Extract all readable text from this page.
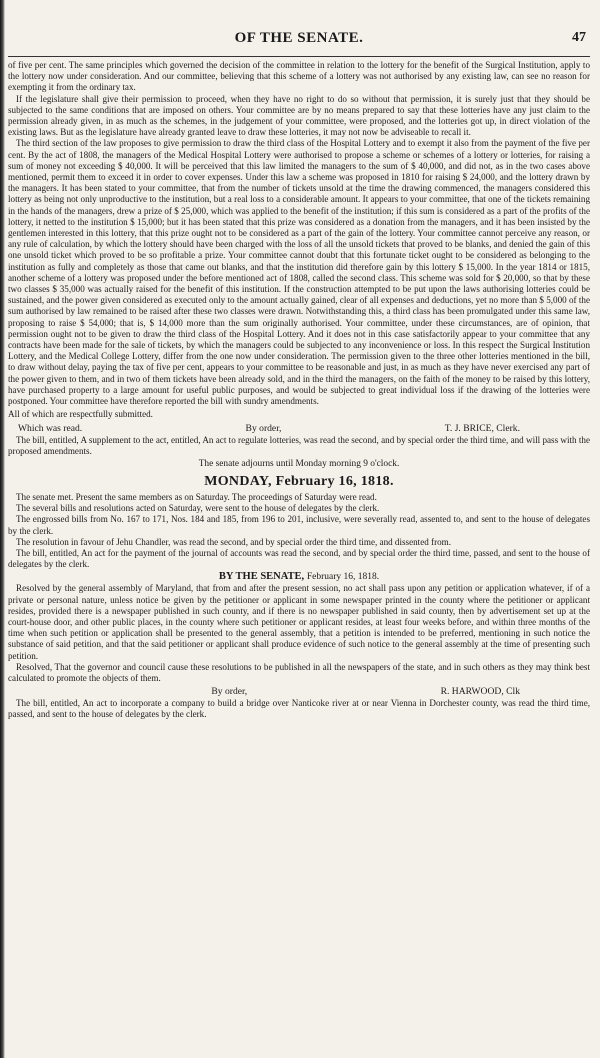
OF THE SENATE.	47

of five per cent. The same principles which governed the decision of the committee in relation to the lottery for the benefit of the Surgical Institution, apply to the lottery now under consideration. And our committee, believing that this scheme of a lottery was not authorised by any existing law, can see no reason for exempting it from the ordinary tax.

If the legislature shall give their permission to proceed, when they have no right to do so without that permission, it is surely just that they should be subjected to the same conditions that are imposed on others. Your committee are by no means prepared to say that these lotteries have any just claim to the permission already given, in as much as the schemes, in the judgement of your committee, were proposed, and the lotteries got up, in direct violation of the existing laws. But as the legislature have already granted leave to draw these lotteries, it may not now be adviseable to recall it.

The third section of the law proposes to give permission to draw the third class of the Hospital Lottery and to exempt it also from the payment of the five per cent. By the act of 1808, the managers of the Medical Hospital Lottery were authorised to propose a scheme or schemes of a lottery or lotteries, for raising a sum of money not exceeding $ 40,000. It will be perceived that this law limited the managers to the sum of $ 40,000, and did not, as in the two cases above mentioned, permit them to exceed it in order to cover expenses. Under this law a scheme was proposed in 1810 for raising $ 24,000, and the lottery drawn by the managers. It has been stated to your committee, that from the number of tickets unsold at the time the drawing commenced, the managers considered this lottery as being not only unproductive to the institution, but a real loss to a considerable amount. It appears to your committee, that one of the tickets remaining in the hands of the managers, drew a prize of $ 25,000, which was applied to the benefit of the institution; if this sum is considered as a part of the profits of the lottery, it netted to the institution $ 15,000; but it has been stated that this prize was considered as a donation from the managers, and it has been insisted by the gentlemen interested in this lottery, that this prize ought not to be considered as a part of the gain of the lottery. Your committee cannot perceive any reason, or any rule of calculation, by which the lottery should have been charged with the loss of all the unsold tickets that proved to be blanks, and denied the gain of this one unsold ticket which proved to be so profitable a prize. Your committee cannot doubt that this fortunate ticket ought to be considered as belonging to the institution as fully and completely as those that came out blanks, and that the institution did therefore gain by this lottery $ 15,000. In the year 1814 or 1815, another scheme of a lottery was proposed under the before mentioned act of 1808, called the second class. This scheme was sold for $ 20,000, so that by these two classes $ 35,000 was actually raised for the benefit of this institution. If the construction attempted to be put upon the laws authorising lotteries could be sustained, and the power given considered as executed only to the amount actually gained, clear of all expenses and deductions, yet no more than $ 5,000 of the sum authorised by law remained to be raised after these two classes were drawn. Notwithstanding this, a third class has been promulgated under this same law, proposing to raise $ 54,000; that is, $ 14,000 more than the sum originally authorised. Your committee, under these circumstances, are of opinion, that permission ought not to be given to draw the third class of the Hospital Lottery. And it does not in this case satisfactorily appear to your committee that any contracts have been made for the sale of tickets, by which the managers could be subjected to any inconvenience or loss. In this respect the Surgical Institution Lottery, and the Medical College Lottery, differ from the one now under consideration. The permission given to the three other lotteries mentioned in the bill, to draw without delay, paying the tax of five per cent, appears to your committee to be reasonable and just, in as much as they have never exercised any part of the power given to them, and in two of them tickets have been already sold, and in the third the managers, on the faith of the money to be raised by this lottery, have purchased property to a large amount for useful public purposes, and would be subjected to great individual loss if the drawing of the lotteries were postponed. Your committee have therefore reported the bill with sundry amendments.

All of which are respectfully submitted.

Which was read.	By order,	T. J. BRICE, Clerk.

The bill, entitled, A supplement to the act, entitled, An act to regulate lotteries, was read the second, and by special order the third time, and will pass with the proposed amendments.

The senate adjourns until Monday morning 9 o'clock.
MONDAY, February 16, 1818.

The senate met. Present the same members as on Saturday. The proceedings of Saturday were read.

The several bills and resolutions acted on Saturday, were sent to the house of delegates by the clerk.

The engrossed bills from No. 167 to 171, Nos. 184 and 185, from 196 to 201, inclusive, were severally read, assented to, and sent to the house of delegates by the clerk.

The resolution in favour of Jehu Chandler, was read the second, and by special order the third time, and dissented from.

The bill, entitled, An act for the payment of the journal of accounts was read the second, and by special order the third time, passed, and sent to the house of delegates by the clerk.

BY THE SENATE, February 16, 1818.

Resolved by the general assembly of Maryland, that from and after the present session, no act shall pass upon any petition or application whatever, if of a private or personal nature, unless notice be given by the petitioner or applicant in some newspaper printed in the county where the petitioner or applicant resides, provided there is a newspaper published in such county, and if there is no newspaper published in said county, then by advertisement set up at the court-house door, and other public places, in the county where such petitioner or applicant resides, at least four weeks before, and within three months of the time when such petition or application shall be presented to the general assembly, that a petition is intended to be preferred, mentioning in such notice the substance of said petition, and that the said petitioner or applicant shall produce evidence of such notice to the general assembly at the time of presenting such petition.

Resolved, That the governor and council cause these resolutions to be published in all the newspapers of the state, and in such others as they may think best calculated to promote the objects of them.

By order,	R. HARWOOD, Clk

The bill, entitled, An act to incorporate a company to build a bridge over Nanticoke river at or near Vienna in Dorchester county, was read the third time, passed, and sent to the house of delegates by the clerk.
